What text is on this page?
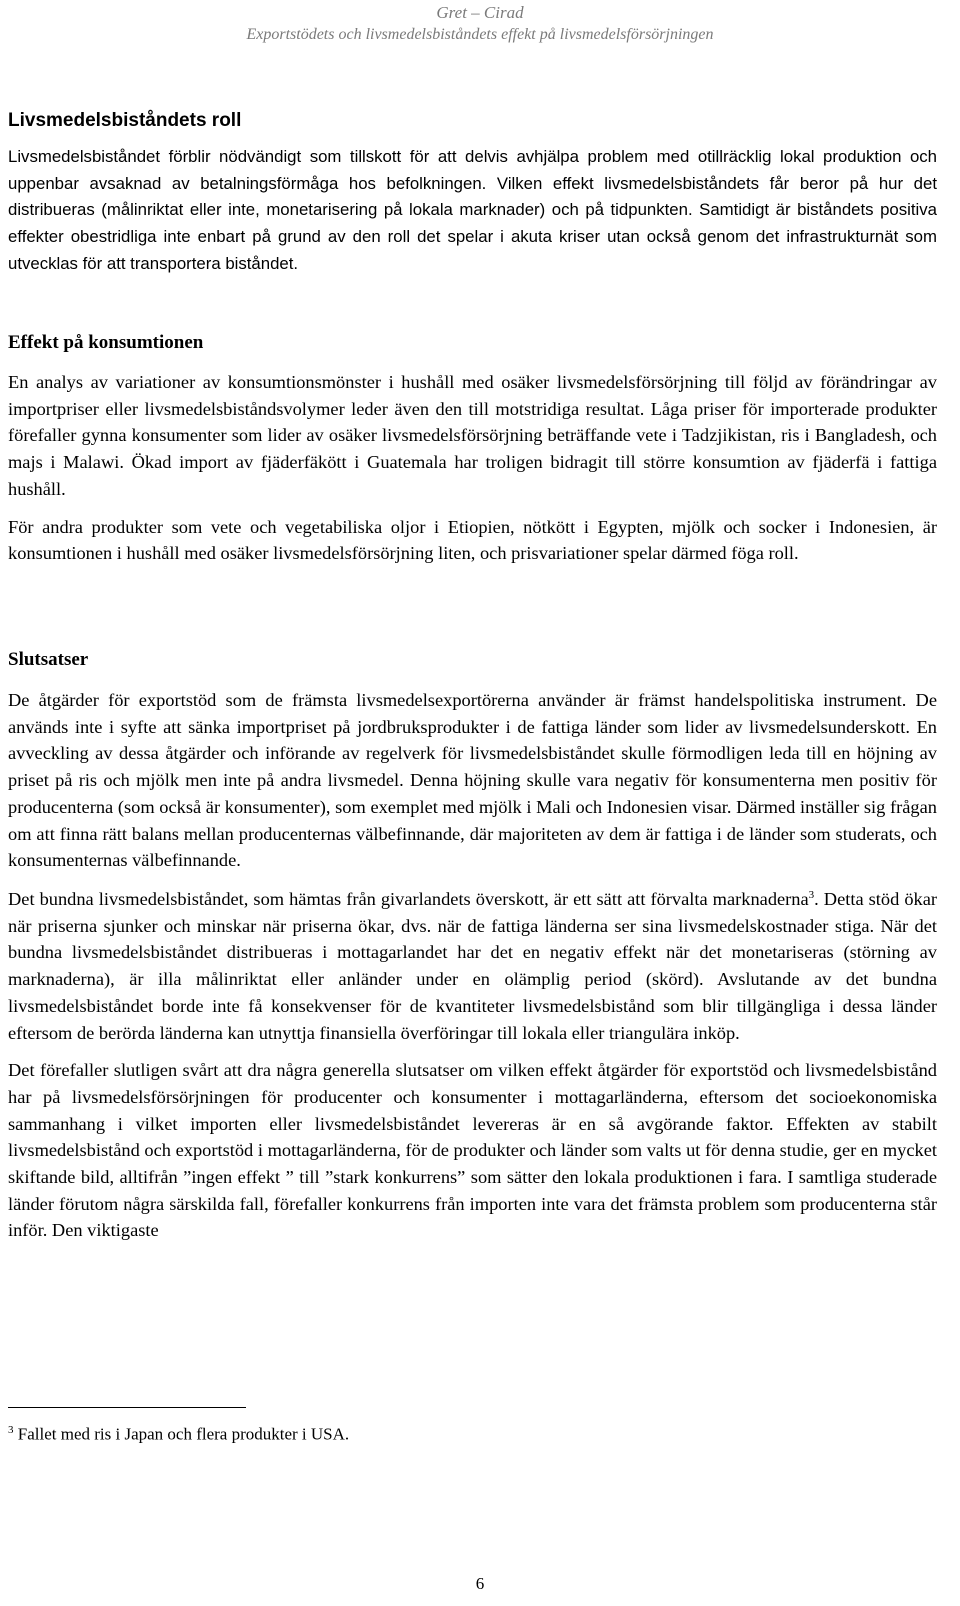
Gret – Cirad
Exportstödets och livsmedelsbiståndets effekt på livsmedelsförsörjningen
Livsmedelsbiståndets roll

Livsmedelsbiståndet förblir nödvändigt som tillskott för att delvis avhjälpa problem med otillräcklig lokal produktion och uppenbar avsaknad av betalningsförmåga hos befolkningen. Vilken effekt livsmedelsbiståndets får beror på hur det distribueras (målinriktat eller inte, monetarisering på lokala marknader) och på tidpunkten. Samtidigt är biståndets positiva effekter obestridliga inte enbart på grund av den roll det spelar i akuta kriser utan också genom det infrastrukturnät som utvecklas för att transportera biståndet.

Effekt på konsumtionen

En analys av variationer av konsumtionsmönster i hushåll med osäker livsmedelsförsörjning till följd av förändringar av importpriser eller livsmedelsbiståndsvolymer leder även den till motstridiga resultat. Låga priser för importerade produkter förefaller gynna konsumenter som lider av osäker livsmedelsförsörjning beträffande vete i Tadzjikistan, ris i Bangladesh, och majs i Malawi. Ökad import av fjäderfäkött i Guatemala har troligen bidragit till större konsumtion av fjäderfä i fattiga hushåll.

För andra produkter som vete och vegetabiliska oljor i Etiopien, nötkött i Egypten, mjölk och socker i Indonesien, är konsumtionen i hushåll med osäker livsmedelsförsörjning liten, och prisvariationer spelar därmed föga roll.

Slutsatser

De åtgärder för exportstöd som de främsta livsmedelsexportörerna använder är främst handelspolitiska instrument. De används inte i syfte att sänka importpriset på jordbruksprodukter i de fattiga länder som lider av livsmedelsunderskott. En avveckling av dessa åtgärder och införande av regelverk för livsmedelsbiståndet skulle förmodligen leda till en höjning av priset på ris och mjölk men inte på andra livsmedel. Denna höjning skulle vara negativ för konsumenterna men positiv för producenterna (som också är konsumenter), som exemplet med mjölk i Mali och Indonesien visar. Därmed inställer sig frågan om att finna rätt balans mellan producenternas välbefinnande, där majoriteten av dem är fattiga i de länder som studerats, och konsumenternas välbefinnande.

Det bundna livsmedelsbiståndet, som hämtas från givarlandets överskott, är ett sätt att förvalta marknaderna$^3$. Detta stöd ökar när priserna sjunker och minskar när priserna ökar, dvs. när de fattiga länderna ser sina livsmedelskostnader stiga. När det bundna livsmedelsbiståndet distribueras i mottagarlandet har det en negativ effekt när det monetariseras (störning av marknaderna), är illa målinriktat eller anländer under en olämplig period (skörd). Avslutande av det bundna livsmedelsbiståndet borde inte få konsekvenser för de kvantiteter livsmedelsbistånd som blir tillgängliga i dessa länder eftersom de berörda länderna kan utnyttja finansiella överföringar till lokala eller triangulära inköp.

Det förefaller slutligen svårt att dra några generella slutsatser om vilken effekt åtgärder för exportstöd och livsmedelsbistånd har på livsmedelsförsörjningen för producenter och konsumenter i mottagarländerna, eftersom det socioekonomiska sammanhang i vilket importen eller livsmedelsbiståndet levereras är en så avgörande faktor. Effekten av stabilt livsmedelsbistånd och exportstöd i mottagarländerna, för de produkter och länder som valts ut för denna studie, ger en mycket skiftande bild, alltifrån ”ingen effekt ” till ”stark konkurrens” som sätter den lokala produktionen i fara. I samtliga studerade länder förutom några särskilda fall, förefaller konkurrens från importen inte vara det främsta problem som producenterna står inför. Den viktigaste

$^3$ Fallet med ris i Japan och flera produkter i USA.
6
